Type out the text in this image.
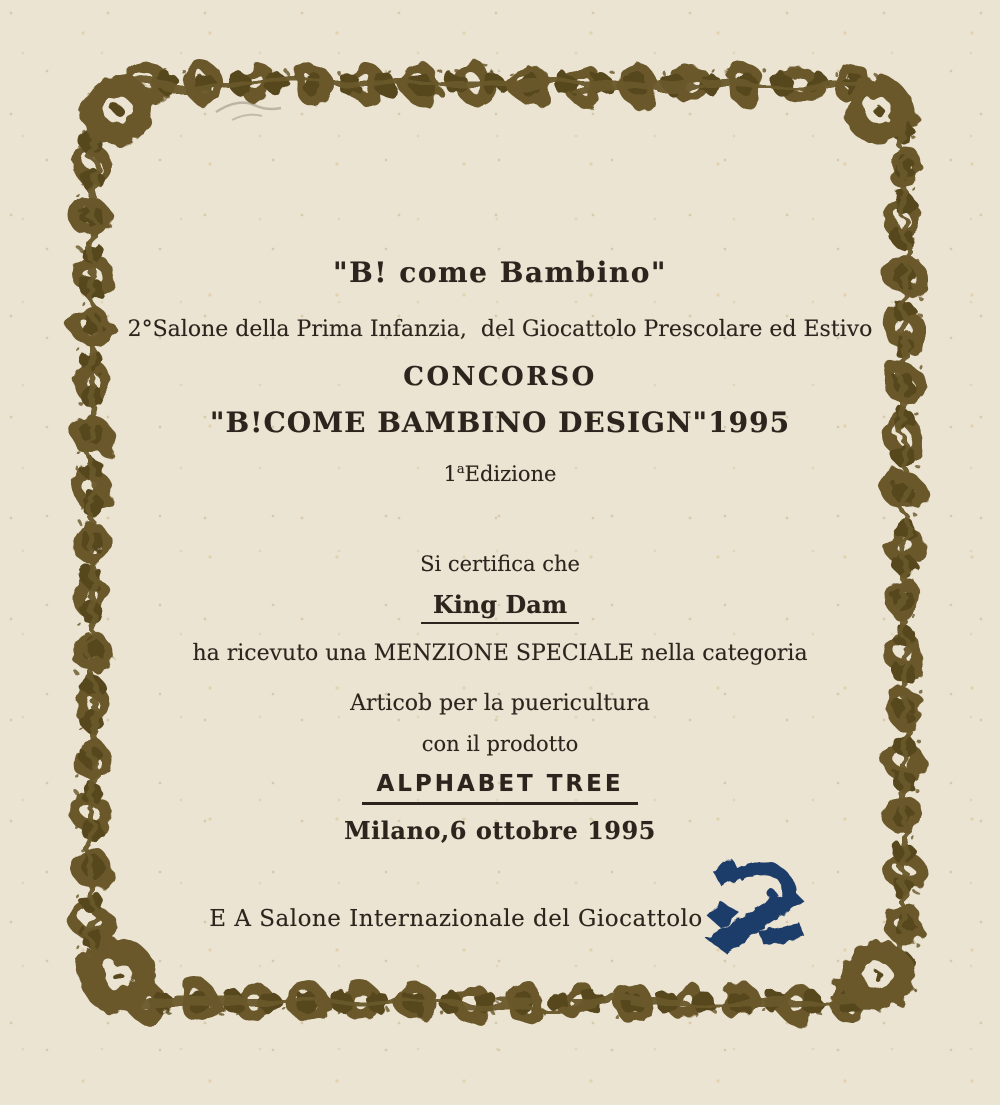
"B! come Bambino"
2°Salone della Prima Infanzia,  del Giocattolo Prescolare ed Estivo
CONCORSO
"B!COME BAMBINO DESIGN"1995
1$^a$Edizione
Si certifica che
King Dam
ha ricevuto una MENZIONE SPECIALE nella categoria
Articob per la puericultura
con il prodotto
ALPHABET TREE
Milano,6 ottobre 1995
E A Salone Internazionale del Giocattolo
